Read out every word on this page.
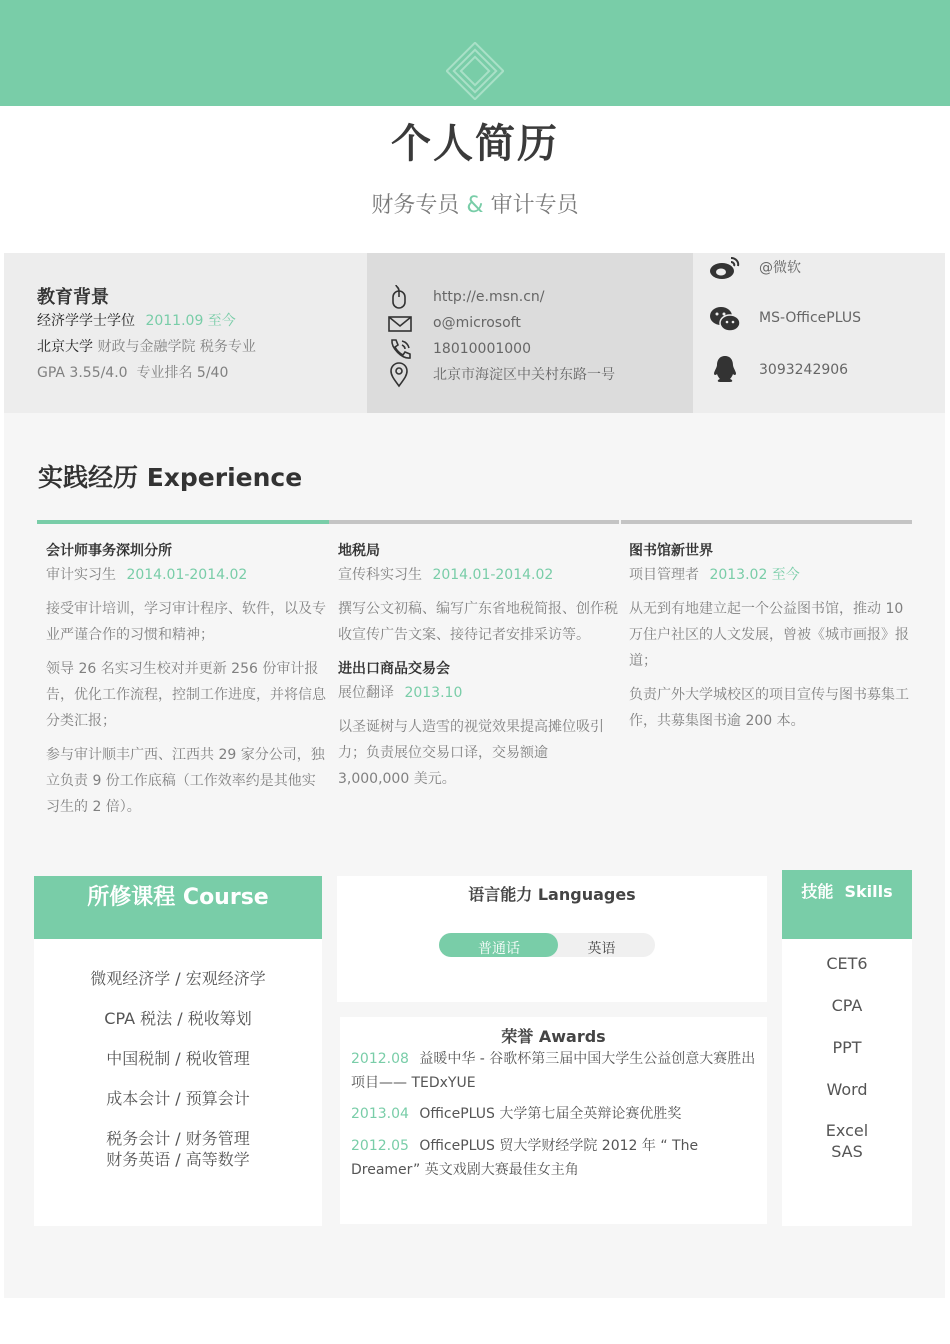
个人简历
财务专员 & 审计专员
教育背景
经济学学士学位 2011.09 至今
北京大学 财政与金融学院 税务专业
GPA 3.55/4.0  专业排名 5/40
http://e.msn.cn/
o@microsoft
18010001000
北京市海淀区中关村东路一号
@微软
MS-OfficePLUS
3093242906
实践经历 Experience
会计师事务深圳分所
审计实习生 2014.01-2014.02
接受审计培训，学习审计程序、软件，以及专业严谨合作的习惯和精神；
领导 26 名实习生校对并更新 256 份审计报告，优化工作流程，控制工作进度，并将信息分类汇报；
参与审计顺丰广西、江西共 29 家分公司，独立负责 9 份工作底稿（工作效率约是其他实习生的 2 倍）。
地税局
宣传科实习生 2014.01-2014.02
撰写公文初稿、编写广东省地税简报、创作税收宣传广告文案、接待记者安排采访等。
进出口商品交易会
展位翻译 2013.10
以圣诞树与人造雪的视觉效果提高摊位吸引力；负责展位交易口译，交易额逾 3,000,000 美元。
图书馆新世界
项目管理者 2013.02 至今
从无到有地建立起一个公益图书馆，推动 10 万住户社区的人文发展，曾被《城市画报》报道；
负责广外大学城校区的项目宣传与图书募集工作，共募集图书逾 200 本。
所修课程 Course
微观经济学 / 宏观经济学
CPA 税法 / 税收筹划
中国税制 / 税收管理
成本会计 / 预算会计
税务会计 / 财务管理
财务英语 / 高等数学
语言能力 Languages
普通话	英语
荣誉 Awards
2012.08 益暖中华 - 谷歌杯第三届中国大学生公益创意大赛胜出项目—— TEDxYUE
2013.04 OfficePLUS 大学第七届全英辩论赛优胜奖
2012.05 OfficePLUS 贸大学财经学院 2012 年 “ The Dreamer” 英文戏剧大赛最佳女主角
技能  Skills
CET6
CPA
PPT
Word
Excel
SAS
